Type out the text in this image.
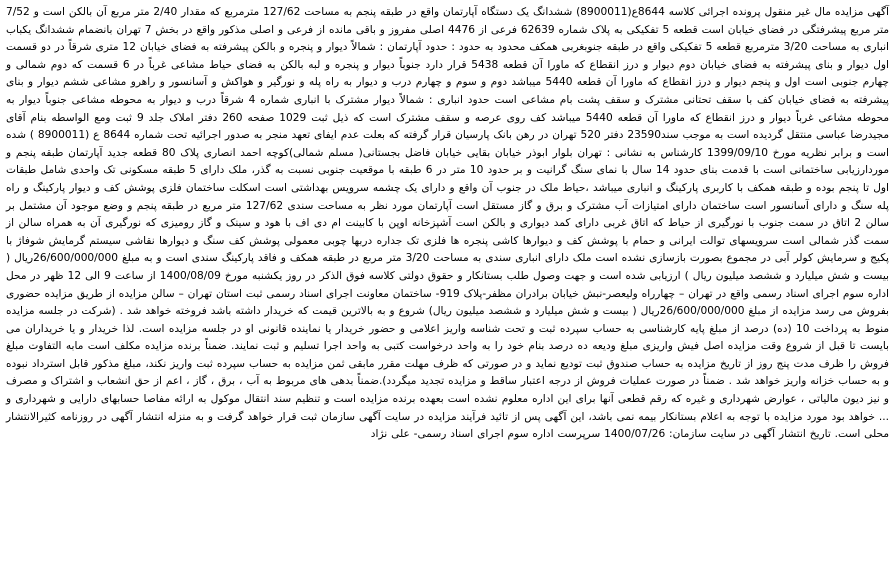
آگهی مزایده مال غیر منقول پرونده اجرائی کلاسه 8644ع(8900011) ششدانگ یک دستگاه آپارتمان واقع در طبقه پنجم به مساحت 127/62 مترمربع که مقدار 2/40 متر مربع آن بالکن است و 7/52 متر مربع پیشرفتگی در فضای خیابان است قطعه 5 تفکیکی به پلاک شماره 62639 فرعی از 4476 اصلی مفروز و باقی مانده از فرعی و اصلی مذکور واقع در بخش 7 تهران بانضمام ششدانگ یکباب انباری به مساحت 3/20 مترمربع قطعه 5 تفکیکی واقع در طبقه جنوبغربی همکف محدود به حدود : حدود آپارتمان : شمالاً دیوار و پنجره و بالکن پیشرفته به فضای خیابان 12 متری شرقاً در دو قسمت اول دیوار و بنای پیشرفته به فضای خیابان دوم دیوار و درز انقطاع که ماورا آن قطعه 5438 قرار دارد جنوباً دیوار و پنجره و لبه بالکن به فضای حیاط مشاعی غرباً در 6 قسمت که دوم شمالی و چهارم جنوبی است اول و پنجم دیوار و درز انقطاع که ماورا آن قطعه 5440 میباشد دوم و سوم و چهارم درب و دیوار به راه پله و نورگیر و هواکش و آسانسور و راهرو مشاعی ششم دیوار و بنای پیشرفته به فضای خیابان کف با سقف تحتانی مشترک و سقف پشت بام مشاعی است حدود انباری : شمالاً دیوار مشترک با انباری شماره 4 شرقاً درب و دیوار به محوطه مشاعی جنوباً دیوار به محوطه مشاعی غرباً دیوار و درز انقطاع که ماورا آن قطعه 5440 میباشد کف روی عرصه و سقف مشترک است که ذیل ثبت 1029 صفحه 260 دفتر املاک جلد 9 ثبت ومع الواسطه بنام آقای مجیدرضا عباسی منتقل گردیده است به موجب سند23590 دفتر 520 تهران در رهن بانک پارسیان قرار گرفته که بعلت عدم ایفای تعهد منجر به صدور اجرائیه تحت شماره 8644 ع (8900011 ) شده است و برابر نظریه مورخ 1399/09/10 کارشناس به نشانی : تهران بلوار ابوذر خیابان بقایی خیابان فاضل بجستانی( مسلم شمالی)کوچه احمد انصاری پلاک 80 قطعه جدید آپارتمان طبقه پنجم و موردارزیابی ساختمانی است با قدمت بنای حدود 14 سال با نمای سنگ گرانیت و بر حدود 10 متر در 6 طبقه با موقعیت جنوبی نسبت به گذر، ملک دارای 5 طبقه مسکونی تک واحدی شامل طبقات اول تا پنجم بوده و طبقه همکف با کاربری پارکینگ و انباری میباشد ،حیاط ملک در جنوب آن واقع و دارای یک چشمه سرویس بهداشتی است اسکلت ساختمان فلزی پوشش کف و دیوار پارکینگ و راه پله سنگ و دارای آسانسور است ساختمان دارای امتیازات آب مشترک و برق و گاز مستقل است آپارتمان مورد نظر به مساحت سندی 127/62 متر مربع در طبقه پنجم و وضع موجود آن مشتمل بر سالن 2 اتاق در سمت جنوب با نورگیری از حیاط که اتاق غربی دارای کمد دیواری و بالکن است آشپزخانه اوپن با کابینت ام دی اف با هود و سینک و گاز رومیزی که نورگیری آن به همراه سالن از سمت گذر شمالی است سرویسهای توالت ایرانی و حمام با پوشش کف و دیوارها کاشی پنجره ها فلزی تک جداره دربها چوبی معمولی پوشش کف سنگ و دیوارها نقاشی سیستم گرمایش شوفاژ با پکیج و سرمایش کولر آبی در مجموع بصورت بازسازی نشده است ملک دارای انباری سندی به مساحت 3/20 متر مربع در طبقه همکف و فاقد پارکینگ سندی است و به مبلغ 26/600/000/000ریال ( بیست و شش میلیارد و ششصد میلیون ریال ) ارزیابی شده است و جهت وصول طلب بستانکار و حقوق دولتی کلاسه فوق الذکر در روز یکشنبه مورخ 1400/08/09 از ساعت 9 الی 12 ظهر در محل اداره سوم اجرای اسناد رسمی واقع در تهران – چهارراه ولیعصر-نبش خیابان برادران مظفر-پلاک 919- ساختمان معاونت اجرای اسناد رسمی ثبت استان تهران – سالن مزایده از طریق مزایده حضوری بفروش می رسد مزایده از مبلغ 26/600/000/000ریال ( بیست و شش میلیارد و ششصد میلیون ریال) شروع و به بالاترین قیمت که خریدار داشته باشد فروخته خواهد شد . (شرکت در جلسه مزایده منوط به پرداخت 10 (ده) درصد از مبلغ پایه کارشناسی به حساب سپرده ثبت و تحت شناسه واریز اعلامی و حضور خریدار یا نماینده قانونی او در جلسه مزایده است. لذا خریدار و یا خریداران می بایست تا قبل از شروع وقت مزایده اصل فیش واریزی مبلغ ودیعه ده درصد بنام خود را به واحد درخواست کتبی به واحد اجرا تسلیم و ثبت نمایند. ضمناً برنده مزایده مکلف است مابه التفاوت مبلغ فروش را ظرف مدت پنج روز از تاریخ مزایده به حساب صندوق ثبت تودیع نماید و در صورتی که ظرف مهلت مقرر مابقی ثمن مزایده به حساب سپرده ثبت واریز نکند، مبلغ مذکور قابل استرداد نبوده و به حساب خزانه واریز خواهد شد . ضمناً در صورت عملیات فروش از درجه اعتبار ساقط و مزایده تجدید میگردد).ضمناً بدهی های مربوط به آب ، برق ، گاز ، اعم از حق انشعاب و اشتراک و مصرف و نیز دیون مالیاتی ، عوارض شهرداری و غیره که رقم قطعی آنها برای این اداره معلوم نشده است بعهده برنده مزایده است و تنظیم سند انتقال موکول به ارائه مفاصا حسابهای دارایی و شهرداری و ... خواهد بود مورد مزایده با توجه به اعلام بستانکار بیمه نمی باشد، این آگهی پس از تائید فرآیند مزایده در سایت آگهی سازمان ثبت قرار خواهد گرفت و به منزله انتشار آگهی در روزنامه کثیرالانتشار محلی است. تاریخ انتشار آگهی در سایت سازمان: 1400/07/26 سرپرست اداره سوم اجرای اسناد رسمی- علی نژاد
